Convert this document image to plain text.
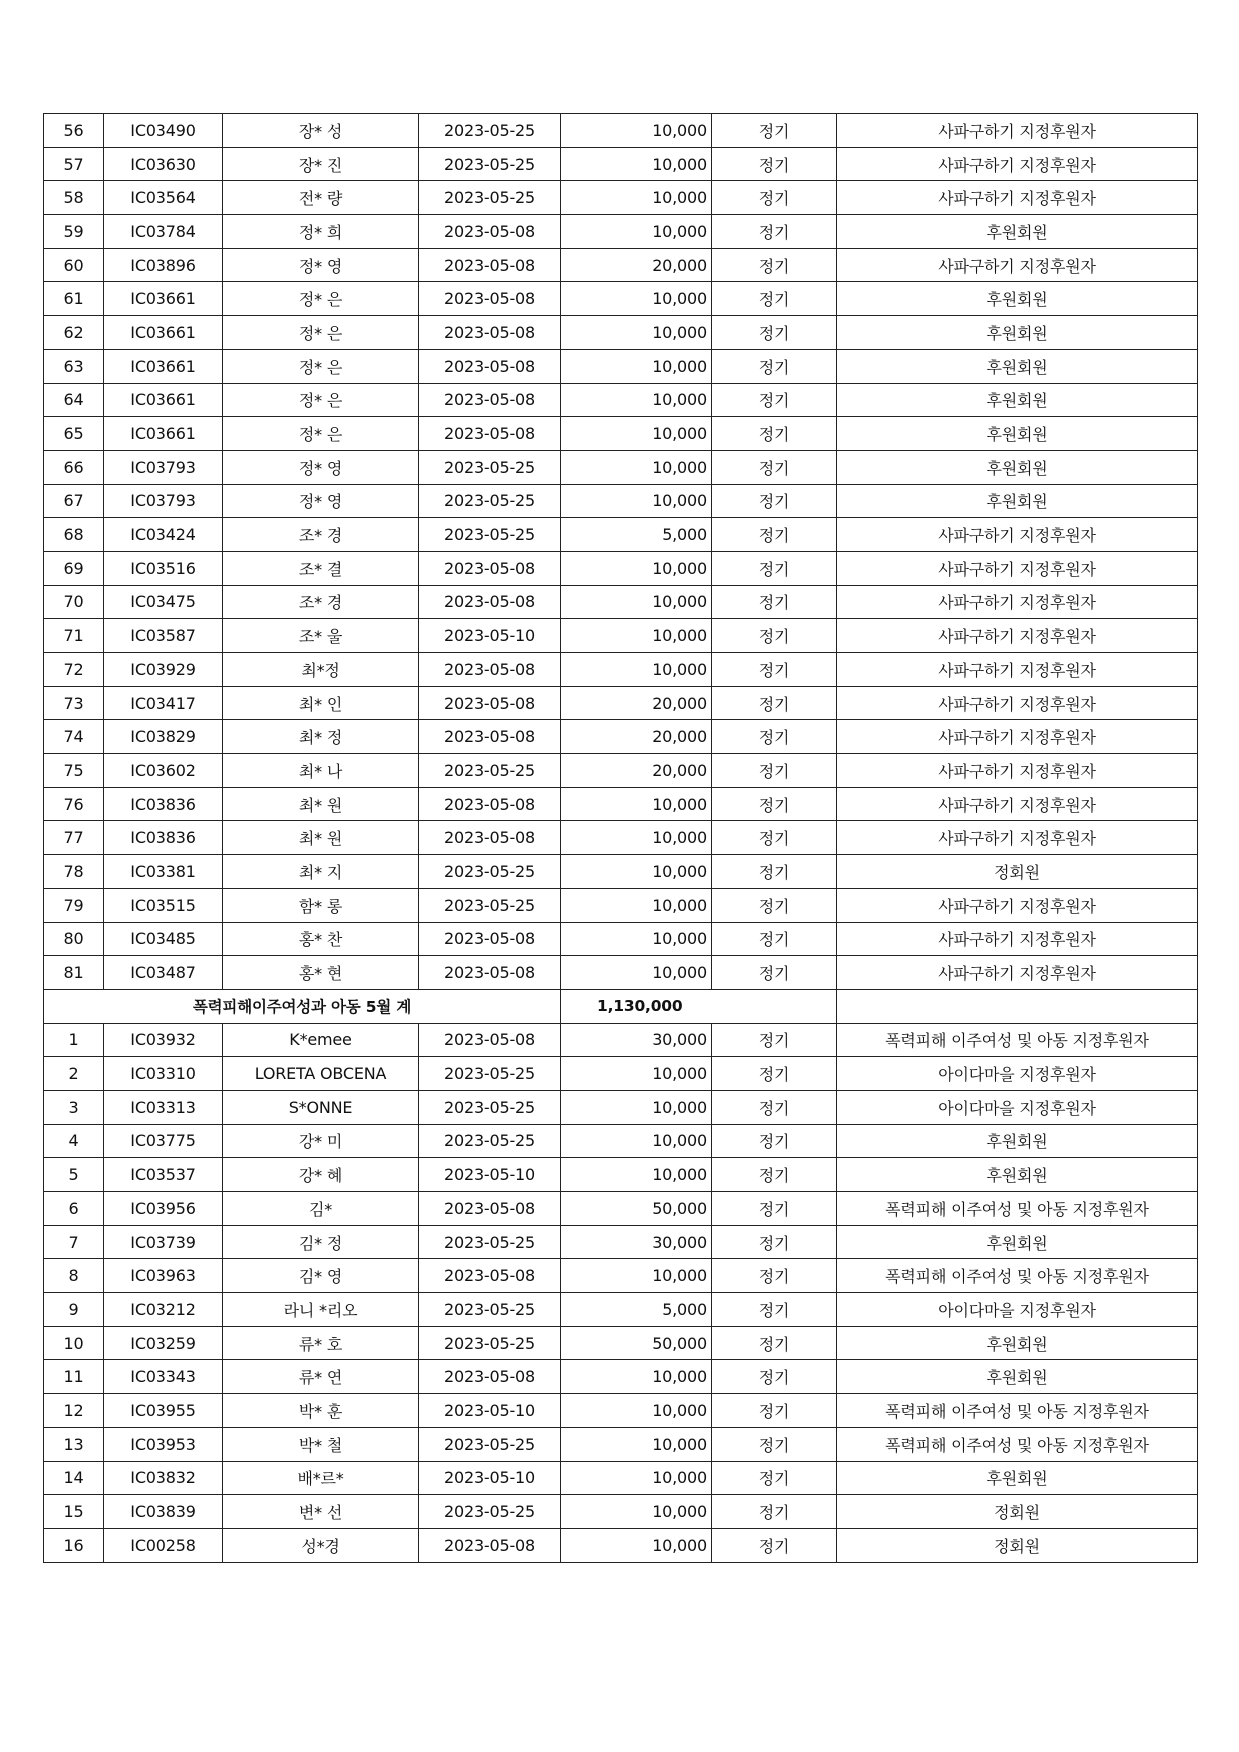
56	IC03490	장* 성	2023-05-25	10,000	정기	사파구하기 지정후원자
57	IC03630	장* 진	2023-05-25	10,000	정기	사파구하기 지정후원자
58	IC03564	전* 량	2023-05-25	10,000	정기	사파구하기 지정후원자
59	IC03784	정* 희	2023-05-08	10,000	정기	후원회원
60	IC03896	정* 영	2023-05-08	20,000	정기	사파구하기 지정후원자
61	IC03661	정* 은	2023-05-08	10,000	정기	후원회원
62	IC03661	정* 은	2023-05-08	10,000	정기	후원회원
63	IC03661	정* 은	2023-05-08	10,000	정기	후원회원
64	IC03661	정* 은	2023-05-08	10,000	정기	후원회원
65	IC03661	정* 은	2023-05-08	10,000	정기	후원회원
66	IC03793	정* 영	2023-05-25	10,000	정기	후원회원
67	IC03793	정* 영	2023-05-25	10,000	정기	후원회원
68	IC03424	조* 경	2023-05-25	5,000	정기	사파구하기 지정후원자
69	IC03516	조* 결	2023-05-08	10,000	정기	사파구하기 지정후원자
70	IC03475	조* 경	2023-05-08	10,000	정기	사파구하기 지정후원자
71	IC03587	조* 울	2023-05-10	10,000	정기	사파구하기 지정후원자
72	IC03929	최*정	2023-05-08	10,000	정기	사파구하기 지정후원자
73	IC03417	최* 인	2023-05-08	20,000	정기	사파구하기 지정후원자
74	IC03829	최* 정	2023-05-08	20,000	정기	사파구하기 지정후원자
75	IC03602	최* 나	2023-05-25	20,000	정기	사파구하기 지정후원자
76	IC03836	최* 원	2023-05-08	10,000	정기	사파구하기 지정후원자
77	IC03836	최* 원	2023-05-08	10,000	정기	사파구하기 지정후원자
78	IC03381	최* 지	2023-05-25	10,000	정기	정회원
79	IC03515	함* 롱	2023-05-25	10,000	정기	사파구하기 지정후원자
80	IC03485	홍* 찬	2023-05-08	10,000	정기	사파구하기 지정후원자
81	IC03487	홍* 현	2023-05-08	10,000	정기	사파구하기 지정후원자
폭력피해이주여성과 아동 5월 계				1,130,000		
1	IC03932	K*emee	2023-05-08	30,000	정기	폭력피해 이주여성 및 아동 지정후원자
2	IC03310	LORETA OBCENA	2023-05-25	10,000	정기	아이다마을 지정후원자
3	IC03313	S*ONNE	2023-05-25	10,000	정기	아이다마을 지정후원자
4	IC03775	강* 미	2023-05-25	10,000	정기	후원회원
5	IC03537	강* 혜	2023-05-10	10,000	정기	후원회원
6	IC03956	김*	2023-05-08	50,000	정기	폭력피해 이주여성 및 아동 지정후원자
7	IC03739	김* 정	2023-05-25	30,000	정기	후원회원
8	IC03963	김* 영	2023-05-08	10,000	정기	폭력피해 이주여성 및 아동 지정후원자
9	IC03212	라니 *리오	2023-05-25	5,000	정기	아이다마을 지정후원자
10	IC03259	류* 호	2023-05-25	50,000	정기	후원회원
11	IC03343	류* 연	2023-05-08	10,000	정기	후원회원
12	IC03955	박* 훈	2023-05-10	10,000	정기	폭력피해 이주여성 및 아동 지정후원자
13	IC03953	박* 철	2023-05-25	10,000	정기	폭력피해 이주여성 및 아동 지정후원자
14	IC03832	배*르*	2023-05-10	10,000	정기	후원회원
15	IC03839	변* 선	2023-05-25	10,000	정기	정회원
16	IC00258	성*경	2023-05-08	10,000	정기	정회원
